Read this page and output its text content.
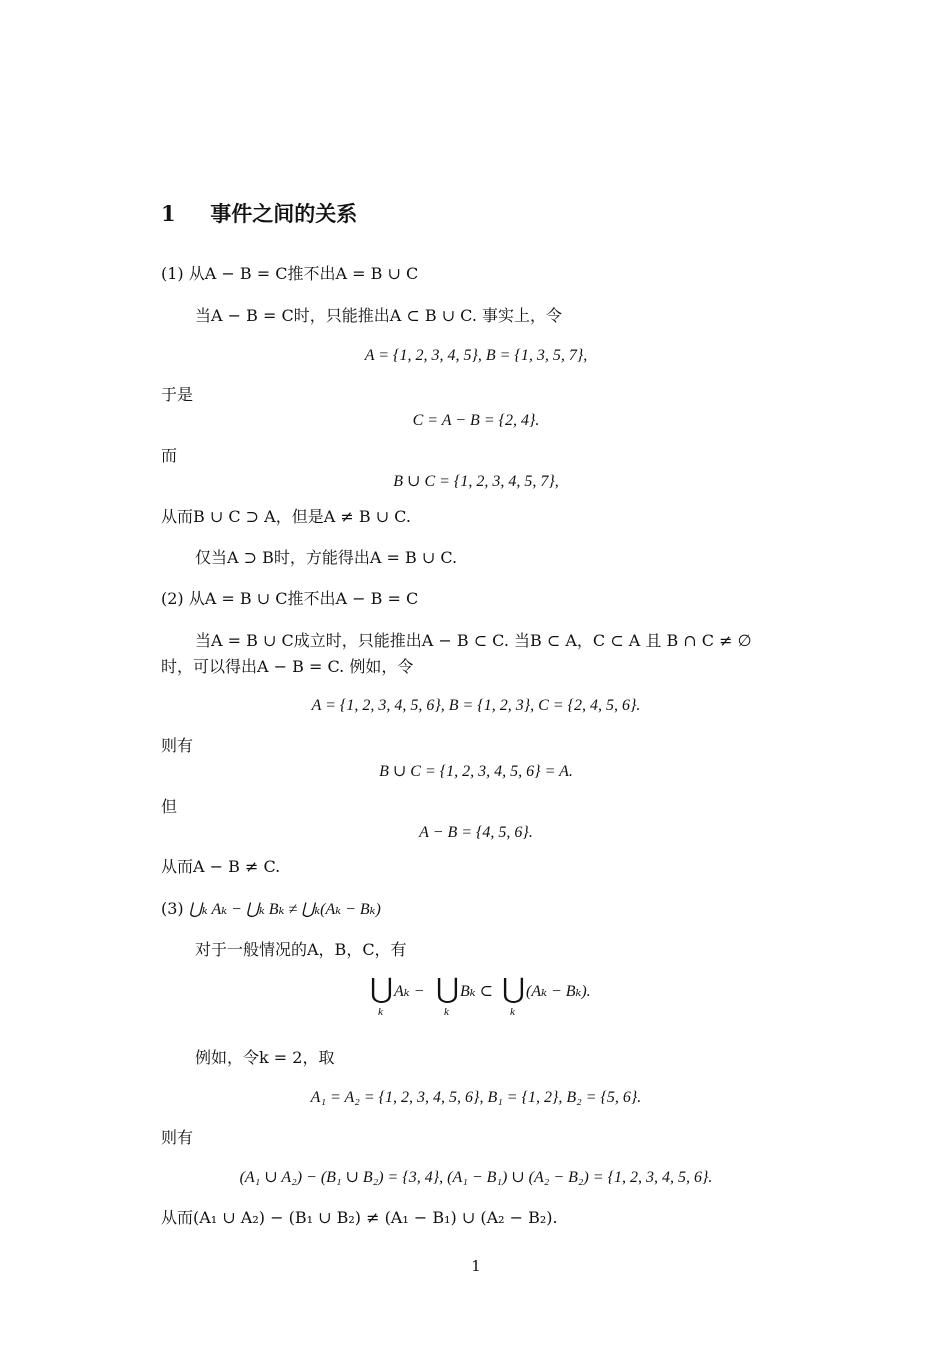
1 事件之间的关系
(1) 从A − B = C推不出A = B ∪ C
当A − B = C时，只能推出A ⊂ B ∪ C. 事实上，令
A = {1, 2, 3, 4, 5}, B = {1, 3, 5, 7},
于是
C = A − B = {2, 4}.
而
B ∪ C = {1, 2, 3, 4, 5, 7},
从而B ∪ C ⊃ A，但是A ≠ B ∪ C.
仅当A ⊃ B时，方能得出A = B ∪ C.
(2) 从A = B ∪ C推不出A − B = C
当A = B ∪ C成立时，只能推出A − B ⊂ C. 当B ⊂ A，C ⊂ A 且 B ∩ C ≠ ∅
时，可以得出A − B = C. 例如，令
A = {1, 2, 3, 4, 5, 6}, B = {1, 2, 3}, C = {2, 4, 5, 6}.
则有
B ∪ C = {1, 2, 3, 4, 5, 6} = A.
但
A − B = {4, 5, 6}.
从而A − B ≠ C.
(3) ⋃ₖ Aₖ − ⋃ₖ Bₖ ≠ ⋃ₖ(Aₖ − Bₖ)
对于一般情况的A，B，C，有
⋃ Aₖ − ⋃ Bₖ ⊂ ⋃ (Aₖ − Bₖ).
k	k	k
例如，令k = 2，取
A₁ = A₂ = {1, 2, 3, 4, 5, 6}, B₁ = {1, 2}, B₂ = {5, 6}.
则有
(A₁ ∪ A₂) − (B₁ ∪ B₂) = {3, 4}, (A₁ − B₁) ∪ (A₂ − B₂) = {1, 2, 3, 4, 5, 6}.
从而(A₁ ∪ A₂) − (B₁ ∪ B₂) ≠ (A₁ − B₁) ∪ (A₂ − B₂).
1
